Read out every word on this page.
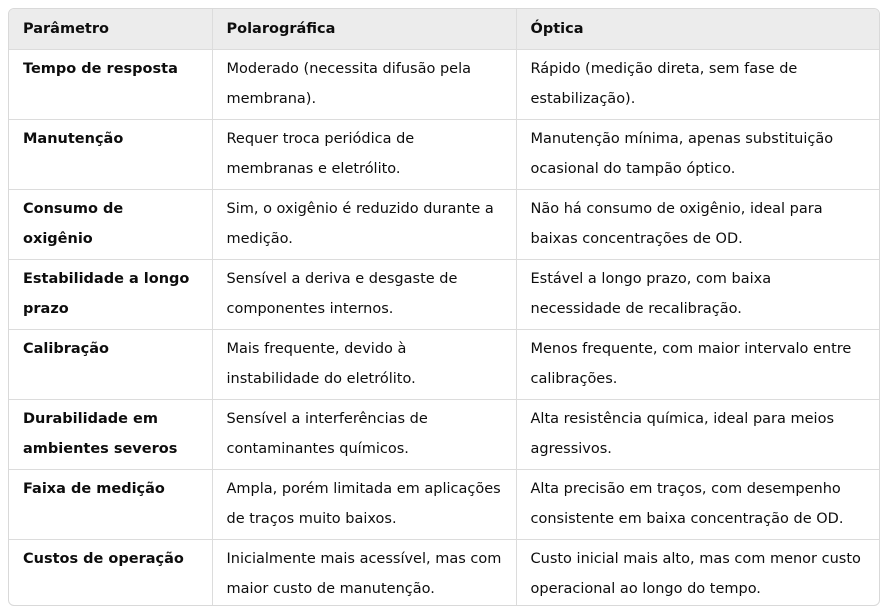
Parâmetro	Polarográfica	Óptica
Tempo de resposta	Moderado (necessita difusão pela membrana).	Rápido (medição direta, sem fase de estabilização).
Manutenção	Requer troca periódica de membranas e eletrólito.	Manutenção mínima, apenas substituição ocasional do tampão óptico.
Consumo de oxigênio	Sim, o oxigênio é reduzido durante a medição.	Não há consumo de oxigênio, ideal para baixas concentrações de OD.
Estabilidade a longo prazo	Sensível a deriva e desgaste de componentes internos.	Estável a longo prazo, com baixa necessidade de recalibração.
Calibração	Mais frequente, devido à instabilidade do eletrólito.	Menos frequente, com maior intervalo entre calibrações.
Durabilidade em ambientes severos	Sensível a interferências de contaminantes químicos.	Alta resistência química, ideal para meios agressivos.
Faixa de medição	Ampla, porém limitada em aplicações de traços muito baixos.	Alta precisão em traços, com desempenho consistente em baixa concentração de OD.
Custos de operação	Inicialmente mais acessível, mas com maior custo de manutenção.	Custo inicial mais alto, mas com menor custo operacional ao longo do tempo.
